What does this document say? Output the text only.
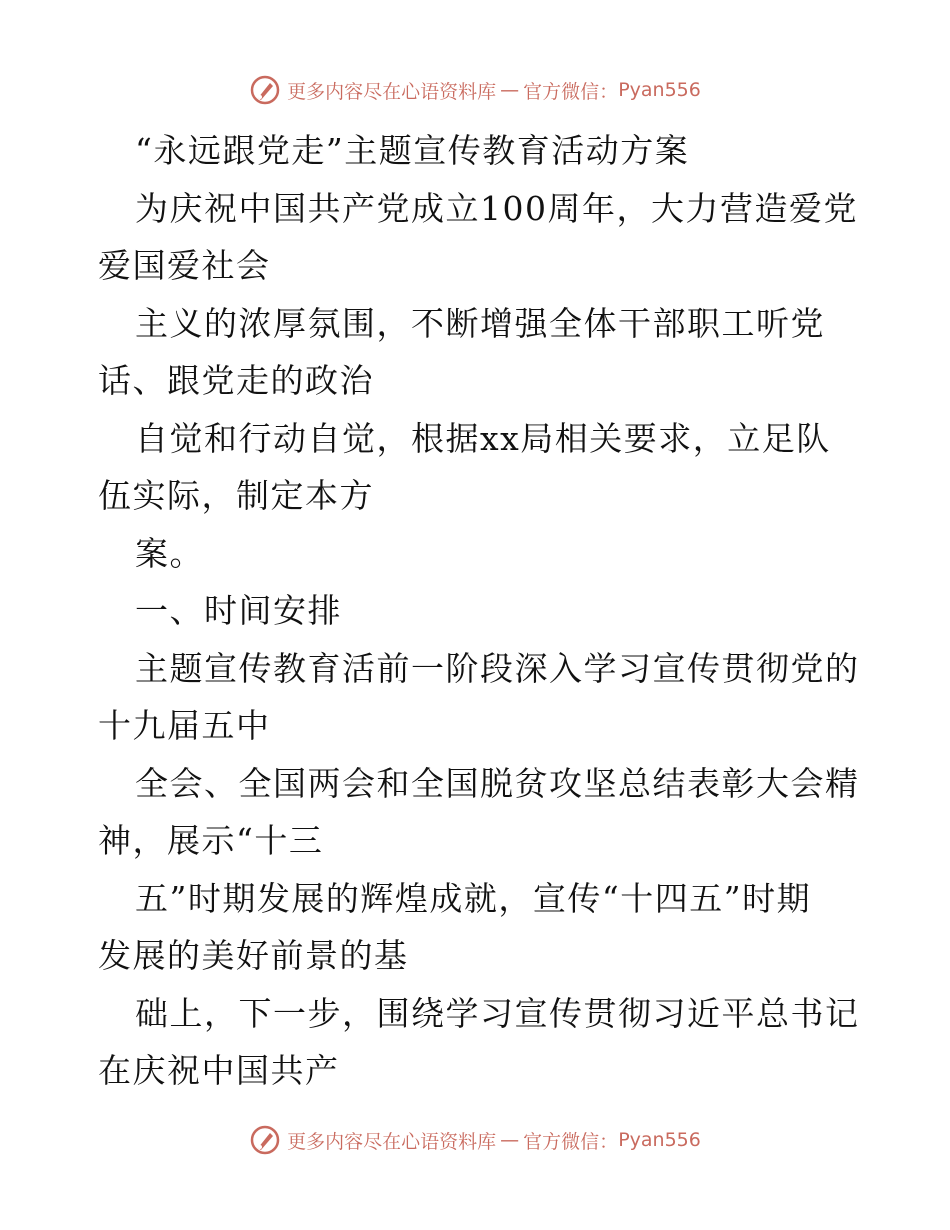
更多内容尽在心语资料库 — 官方微信： Pyan556
“永远跟党走”主题宣传教育活动方案
为庆祝中国共产党成立100周年，大力营造爱党
爱国爱社会
主义的浓厚氛围，不断增强全体干部职工听党
话、跟党走的政治
自觉和行动自觉，根据xx局相关要求，立足队
伍实际，制定本方
案。
一、时间安排
主题宣传教育活前一阶段深入学习宣传贯彻党的
十九届五中
全会、全国两会和全国脱贫攻坚总结表彰大会精
神，展示“十三
五”时期发展的辉煌成就，宣传“十四五”时期
发展的美好前景的基
础上，下一步，围绕学习宣传贯彻习近平总书记
在庆祝中国共产
更多内容尽在心语资料库 — 官方微信： Pyan556
